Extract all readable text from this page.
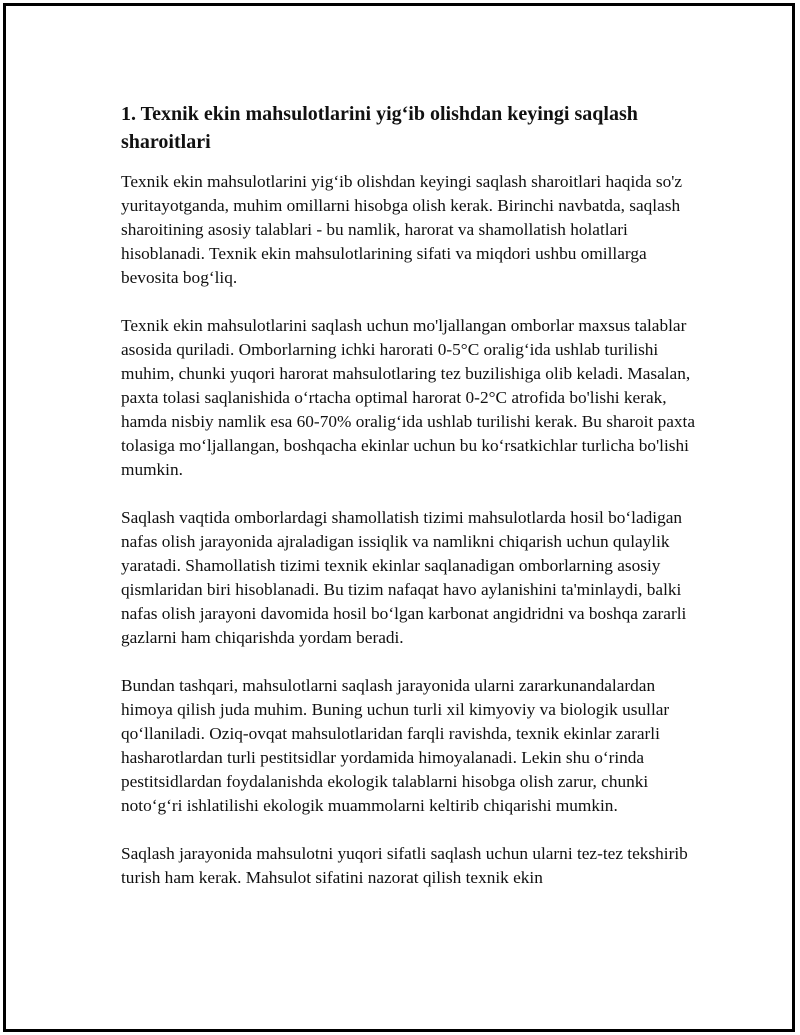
1. Texnik ekin mahsulotlarini yig‘ib olishdan keyingi saqlash sharoitlari

Texnik ekin mahsulotlarini yig‘ib olishdan keyingi saqlash sharoitlari haqida so'z yuritayotganda, muhim omillarni hisobga olish kerak. Birinchi navbatda, saqlash sharoitining asosiy talablari - bu namlik, harorat va shamollatish holatlari hisoblanadi. Texnik ekin mahsulotlarining sifati va miqdori ushbu omillarga bevosita bog‘liq.

Texnik ekin mahsulotlarini saqlash uchun mo'ljallangan omborlar maxsus talablar asosida quriladi. Omborlarning ichki harorati 0-5°C oralig‘ida ushlab turilishi muhim, chunki yuqori harorat mahsulotlaring tez buzilishiga olib keladi. Masalan, paxta tolasi saqlanishida o‘rtacha optimal harorat 0-2°C atrofida bo'lishi kerak, hamda nisbiy namlik esa 60-70% oralig‘ida ushlab turilishi kerak. Bu sharoit paxta tolasiga mo‘ljallangan, boshqacha ekinlar uchun bu ko‘rsatkichlar turlicha bo'lishi mumkin.

Saqlash vaqtida omborlardagi shamollatish tizimi mahsulotlarda hosil bo‘ladigan nafas olish jarayonida ajraladigan issiqlik va namlikni chiqarish uchun qulaylik yaratadi. Shamollatish tizimi texnik ekinlar saqlanadigan omborlarning asosiy qismlaridan biri hisoblanadi. Bu tizim nafaqat havo aylanishini ta'minlaydi, balki nafas olish jarayoni davomida hosil bo‘lgan karbonat angidridni va boshqa zararli gazlarni ham chiqarishda yordam beradi.

Bundan tashqari, mahsulotlarni saqlash jarayonida ularni zararkunandalardan himoya qilish juda muhim. Buning uchun turli xil kimyoviy va biologik usullar qo‘llaniladi. Oziq-ovqat mahsulotlaridan farqli ravishda, texnik ekinlar zararli hasharotlardan turli pestitsidlar yordamida himoyalanadi. Lekin shu o‘rinda pestitsidlardan foydalanishda ekologik talablarni hisobga olish zarur, chunki noto‘g‘ri ishlatilishi ekologik muammolarni keltirib chiqarishi mumkin.

Saqlash jarayonida mahsulotni yuqori sifatli saqlash uchun ularni tez-tez tekshirib turish ham kerak. Mahsulot sifatini nazorat qilish texnik ekin
